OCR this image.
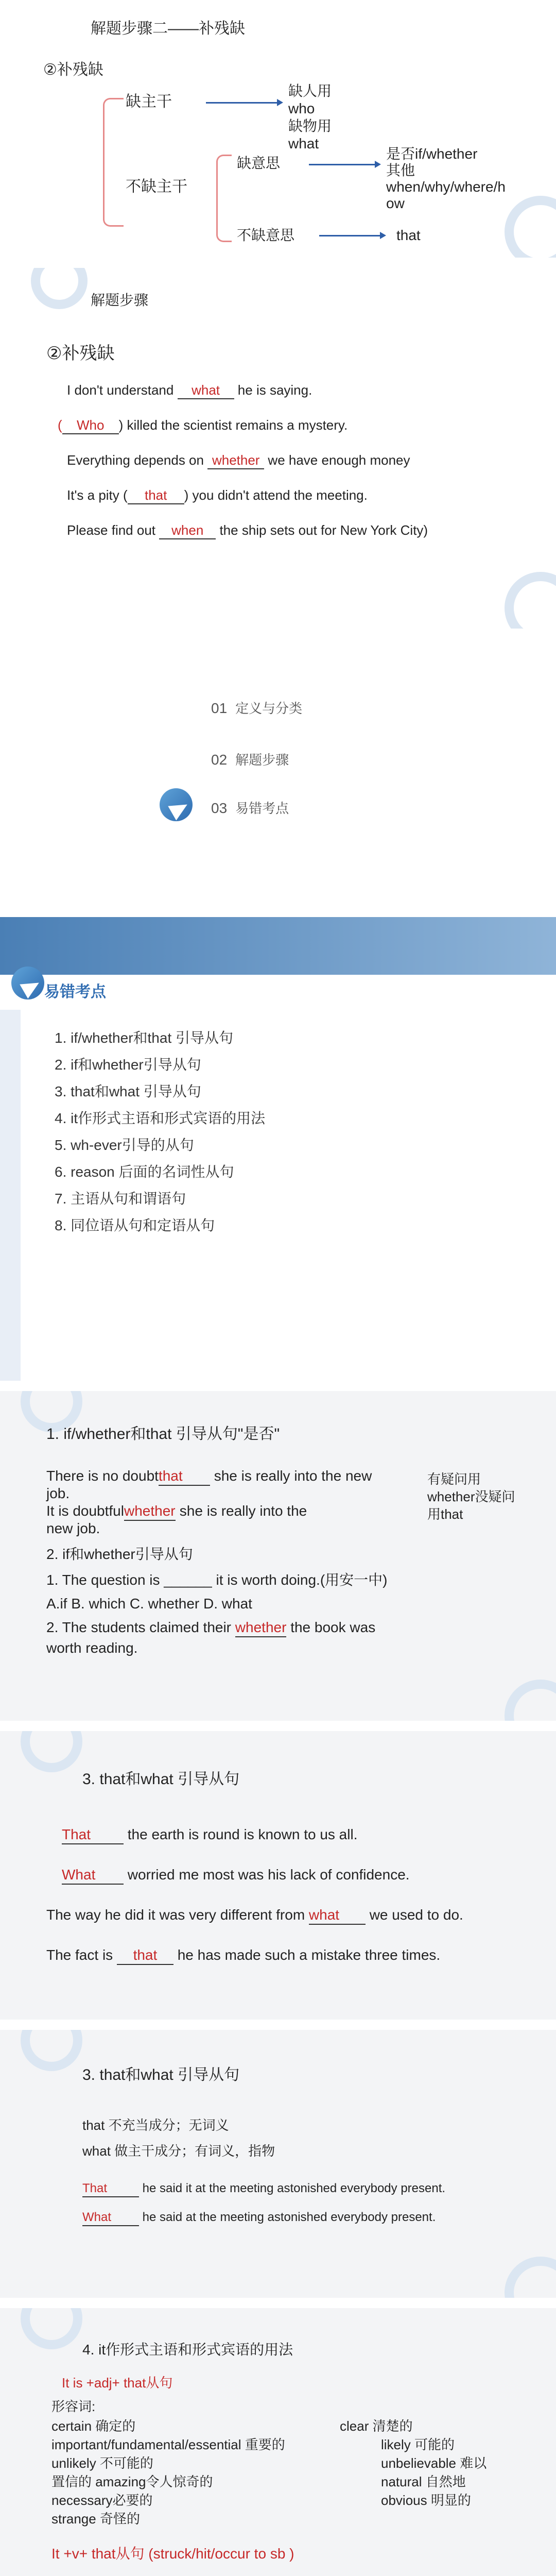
解题步骤二——补残缺
②补残缺
缺主干
缺人用
who
缺物用
what
不缺主干
缺意思
是否if/whether
其他
when/why/where/h
ow
不缺意思	that
解题步骤
②补残缺
I don't understand what he is saying.
( Who ) killed the scientist remains a mystery.
Everything depends on whether we have enough money
It's a pity ( that ) you didn't attend the meeting.
Please find out when the ship sets out for New York City)
01 定义与分类
02 解题步骤
03 易错考点
易错考点
1. if/whether和that 引导从句
2. if和whether引导从句
3. that和what 引导从句
4. it作形式主语和形式宾语的用法
5. wh-ever引导的从句
6. reason 后面的名词性从句
7. 主语从句和谓语句
8. 同位语从句和定语从句
1. if/whether和that 引导从句"是否"
There is no doubtthat she is really into the new
job.
有疑问用
whether没疑问
用that
It is doubtfulwhether she is really into the
new job.
2. if和whether引导从句
1. The question is ______ it is worth doing.(用安一中)
A.if B. which C. whether D. what
2. The students claimed their whether the book was
worth reading.
3. that和what 引导从句
That the earth is round is known to us all.
What worried me most was his lack of confidence.
The way he did it was very different from what we used to do.
The fact is that he has made such a mistake three times.
3. that和what 引导从句
that 不充当成分；无词义
what 做主干成分；有词义，指物
That	he said it at the meeting astonished everybody present.
What he said at the meeting astonished everybody present.
4. it作形式主语和形式宾语的用法
It is +adj+ that从句
形容词:
certain 确定的
important/fundamental/essential 重要的
unlikely 不可能的
置信的 amazing令人惊奇的
necessary必要的
strange 奇怪的
clear 清楚的
likely 可能的
unbelievable 难以
natural 自然地
obvious 明显的
It +v+ that从句 (struck/hit/occur to sb )
